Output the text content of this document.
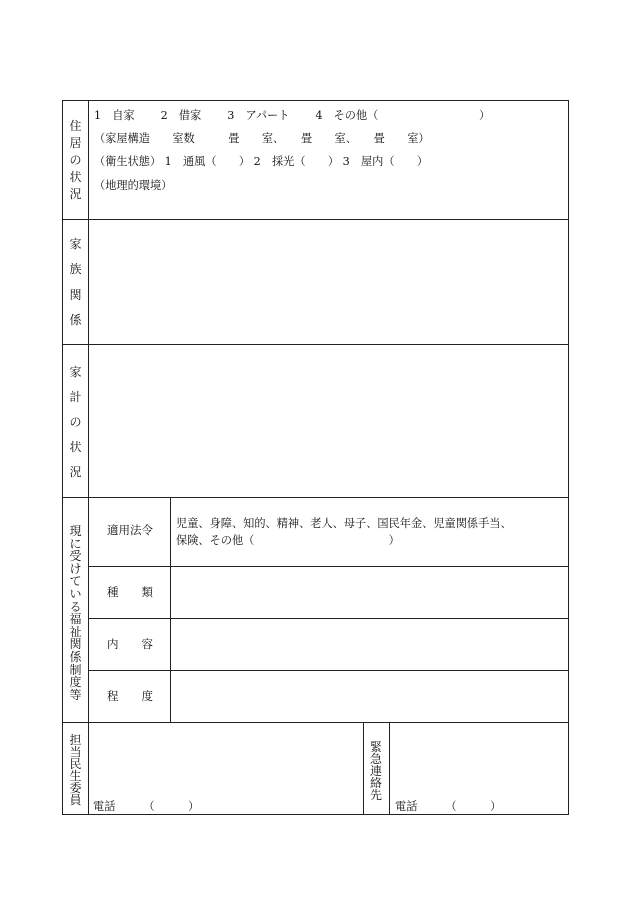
住
居
の
状
況
1　自家　　 2　借家　　 3　アパート　　 4　その他（　　　　　　　　　）
（家屋構造　　室数　　　畳　　室、　　畳　　室、　　畳　　室）
（衛生状態） 1　通風（　　） 2　採光（　　） 3　屋内（　　）
（地理的環境）
家
族
関
係
家
計
の
状
況
現
に
受
け
て
い
る
福
祉
関
係
制
度
等
適用法令 児童、身障、知的、精神、老人、母子、国民年金、児童関係手当、
保険、その他（　　　　　　　　　　　　）
種　　類
内　　容
程　　度
担
当
民
生
委
員 電話　　　（　　　）
緊
急
連
絡
先
電話　　　（　　　）
